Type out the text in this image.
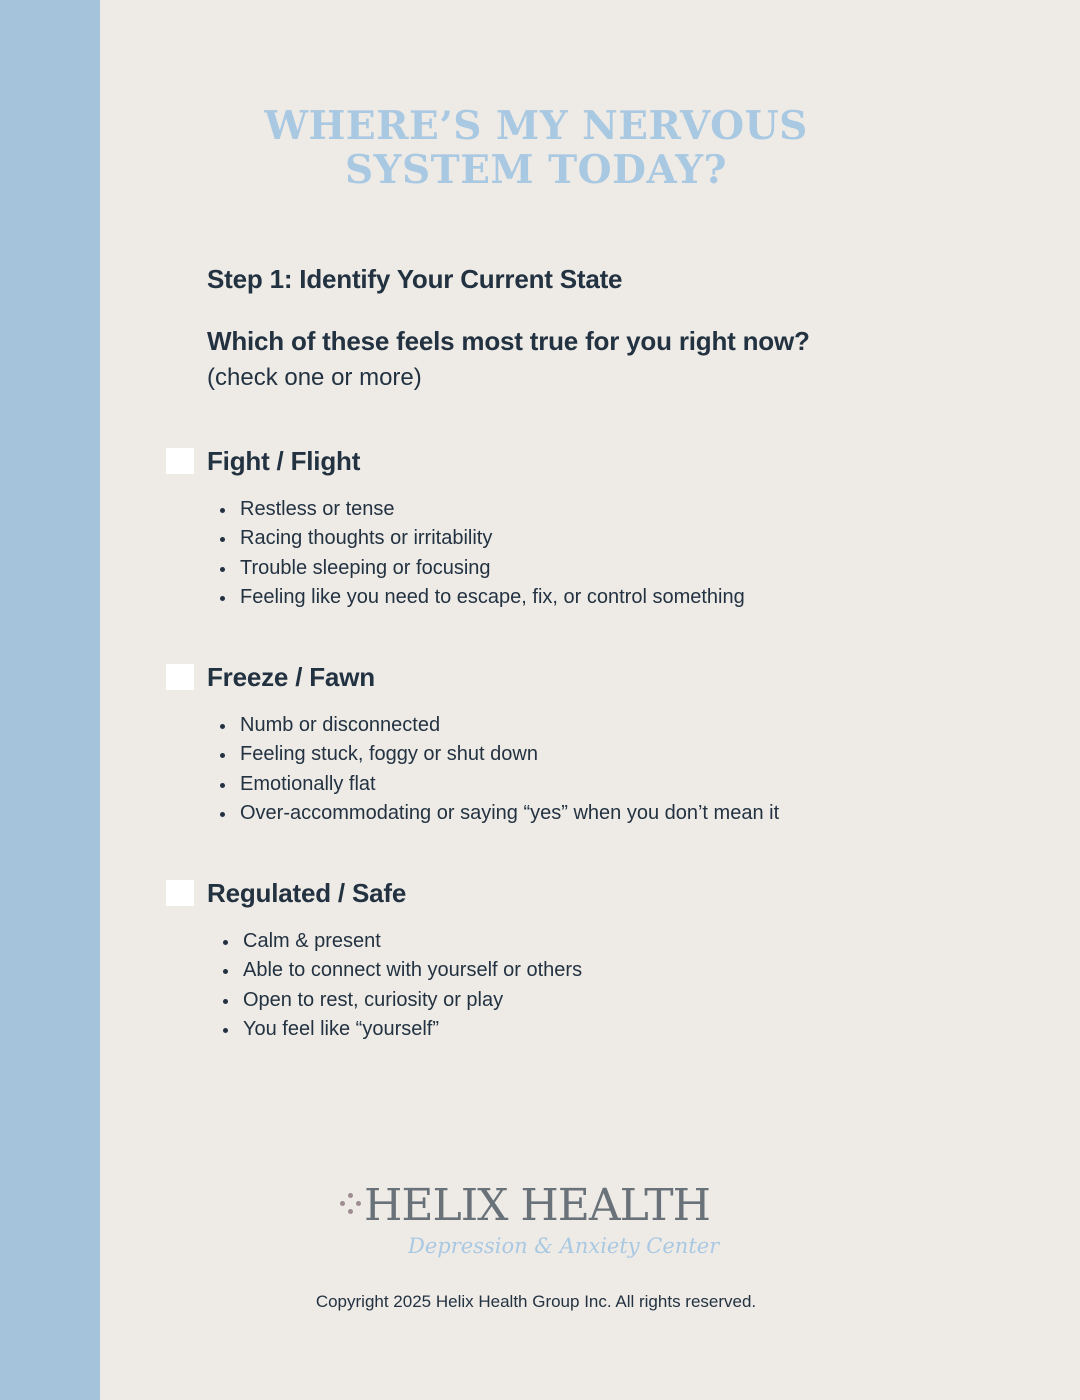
WHERE’S MY NERVOUS
SYSTEM TODAY?

Step 1: Identify Your Current State

Which of these feels most true for you right now?

(check one or more)

Fight / Flight
Restless or tense
Racing thoughts or irritability
Trouble sleeping or focusing
Feeling like you need to escape, fix, or control something
Freeze / Fawn
Numb or disconnected
Feeling stuck, foggy or shut down
Emotionally flat
Over-accommodating or saying “yes” when you don’t mean it
Regulated / Safe
Calm & present
Able to connect with yourself or others
Open to rest, curiosity or play
You feel like “yourself”

HELIX HEALTH

Depression & Anxiety Center

Copyright 2025 Helix Health Group Inc. All rights reserved.
